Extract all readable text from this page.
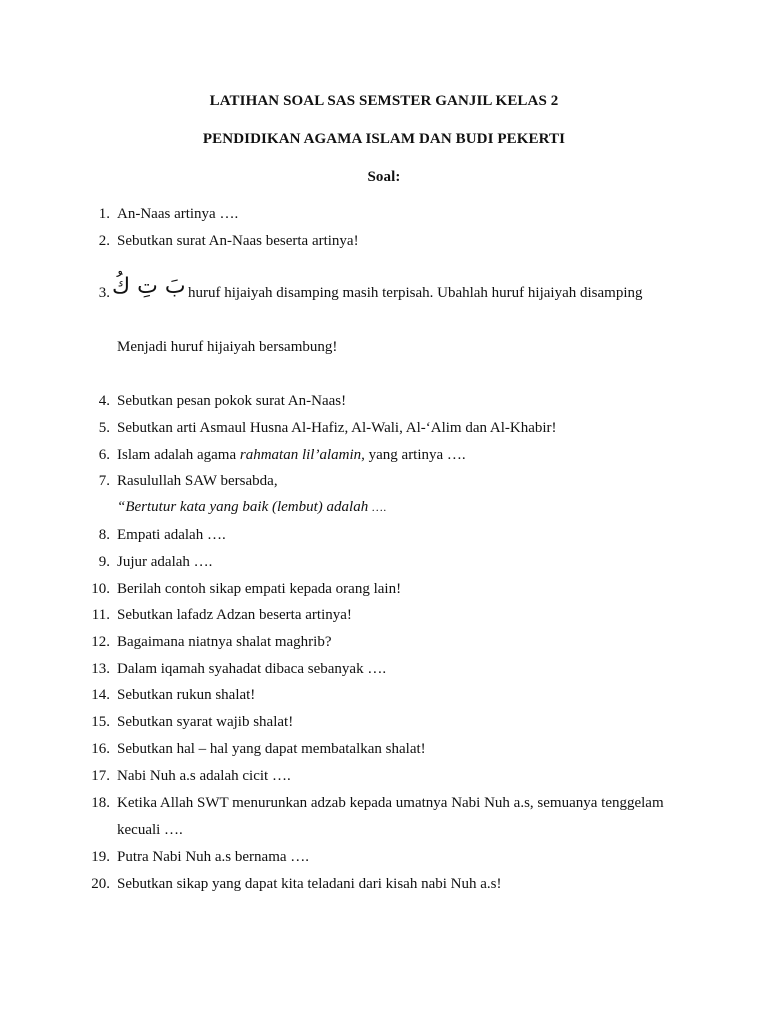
LATIHAN SOAL SAS SEMSTER GANJIL KELAS 2
PENDIDIKAN AGAMA ISLAM DAN BUDI PEKERTI
Soal:
1. An-Naas artinya ….
2. Sebutkan surat An-Naas beserta artinya!
3. بَ تِ كُ huruf hijaiyah disamping masih terpisah. Ubahlah huruf hijaiyah disamping
Menjadi huruf hijaiyah bersambung!
4. Sebutkan pesan pokok surat An-Naas!
5. Sebutkan arti Asmaul Husna Al-Hafiz, Al-Wali, Al-‘Alim dan Al-Khabir!
6. Islam adalah agama rahmatan lil’alamin, yang artinya ….
7. Rasulullah SAW bersabda,
“Bertutur kata yang baik (lembut) adalah ….
8. Empati adalah ….
9. Jujur adalah ….
10. Berilah contoh sikap empati kepada orang lain!
11. Sebutkan lafadz Adzan beserta artinya!
12. Bagaimana niatnya shalat maghrib?
13. Dalam iqamah syahadat dibaca sebanyak ….
14. Sebutkan rukun shalat!
15. Sebutkan syarat wajib shalat!
16. Sebutkan hal – hal yang dapat membatalkan shalat!
17. Nabi Nuh a.s adalah cicit ….
18. Ketika Allah SWT menurunkan adzab kepada umatnya Nabi Nuh a.s, semuanya tenggelam
kecuali ….
19. Putra Nabi Nuh a.s bernama ….
20. Sebutkan sikap yang dapat kita teladani dari kisah nabi Nuh a.s!
